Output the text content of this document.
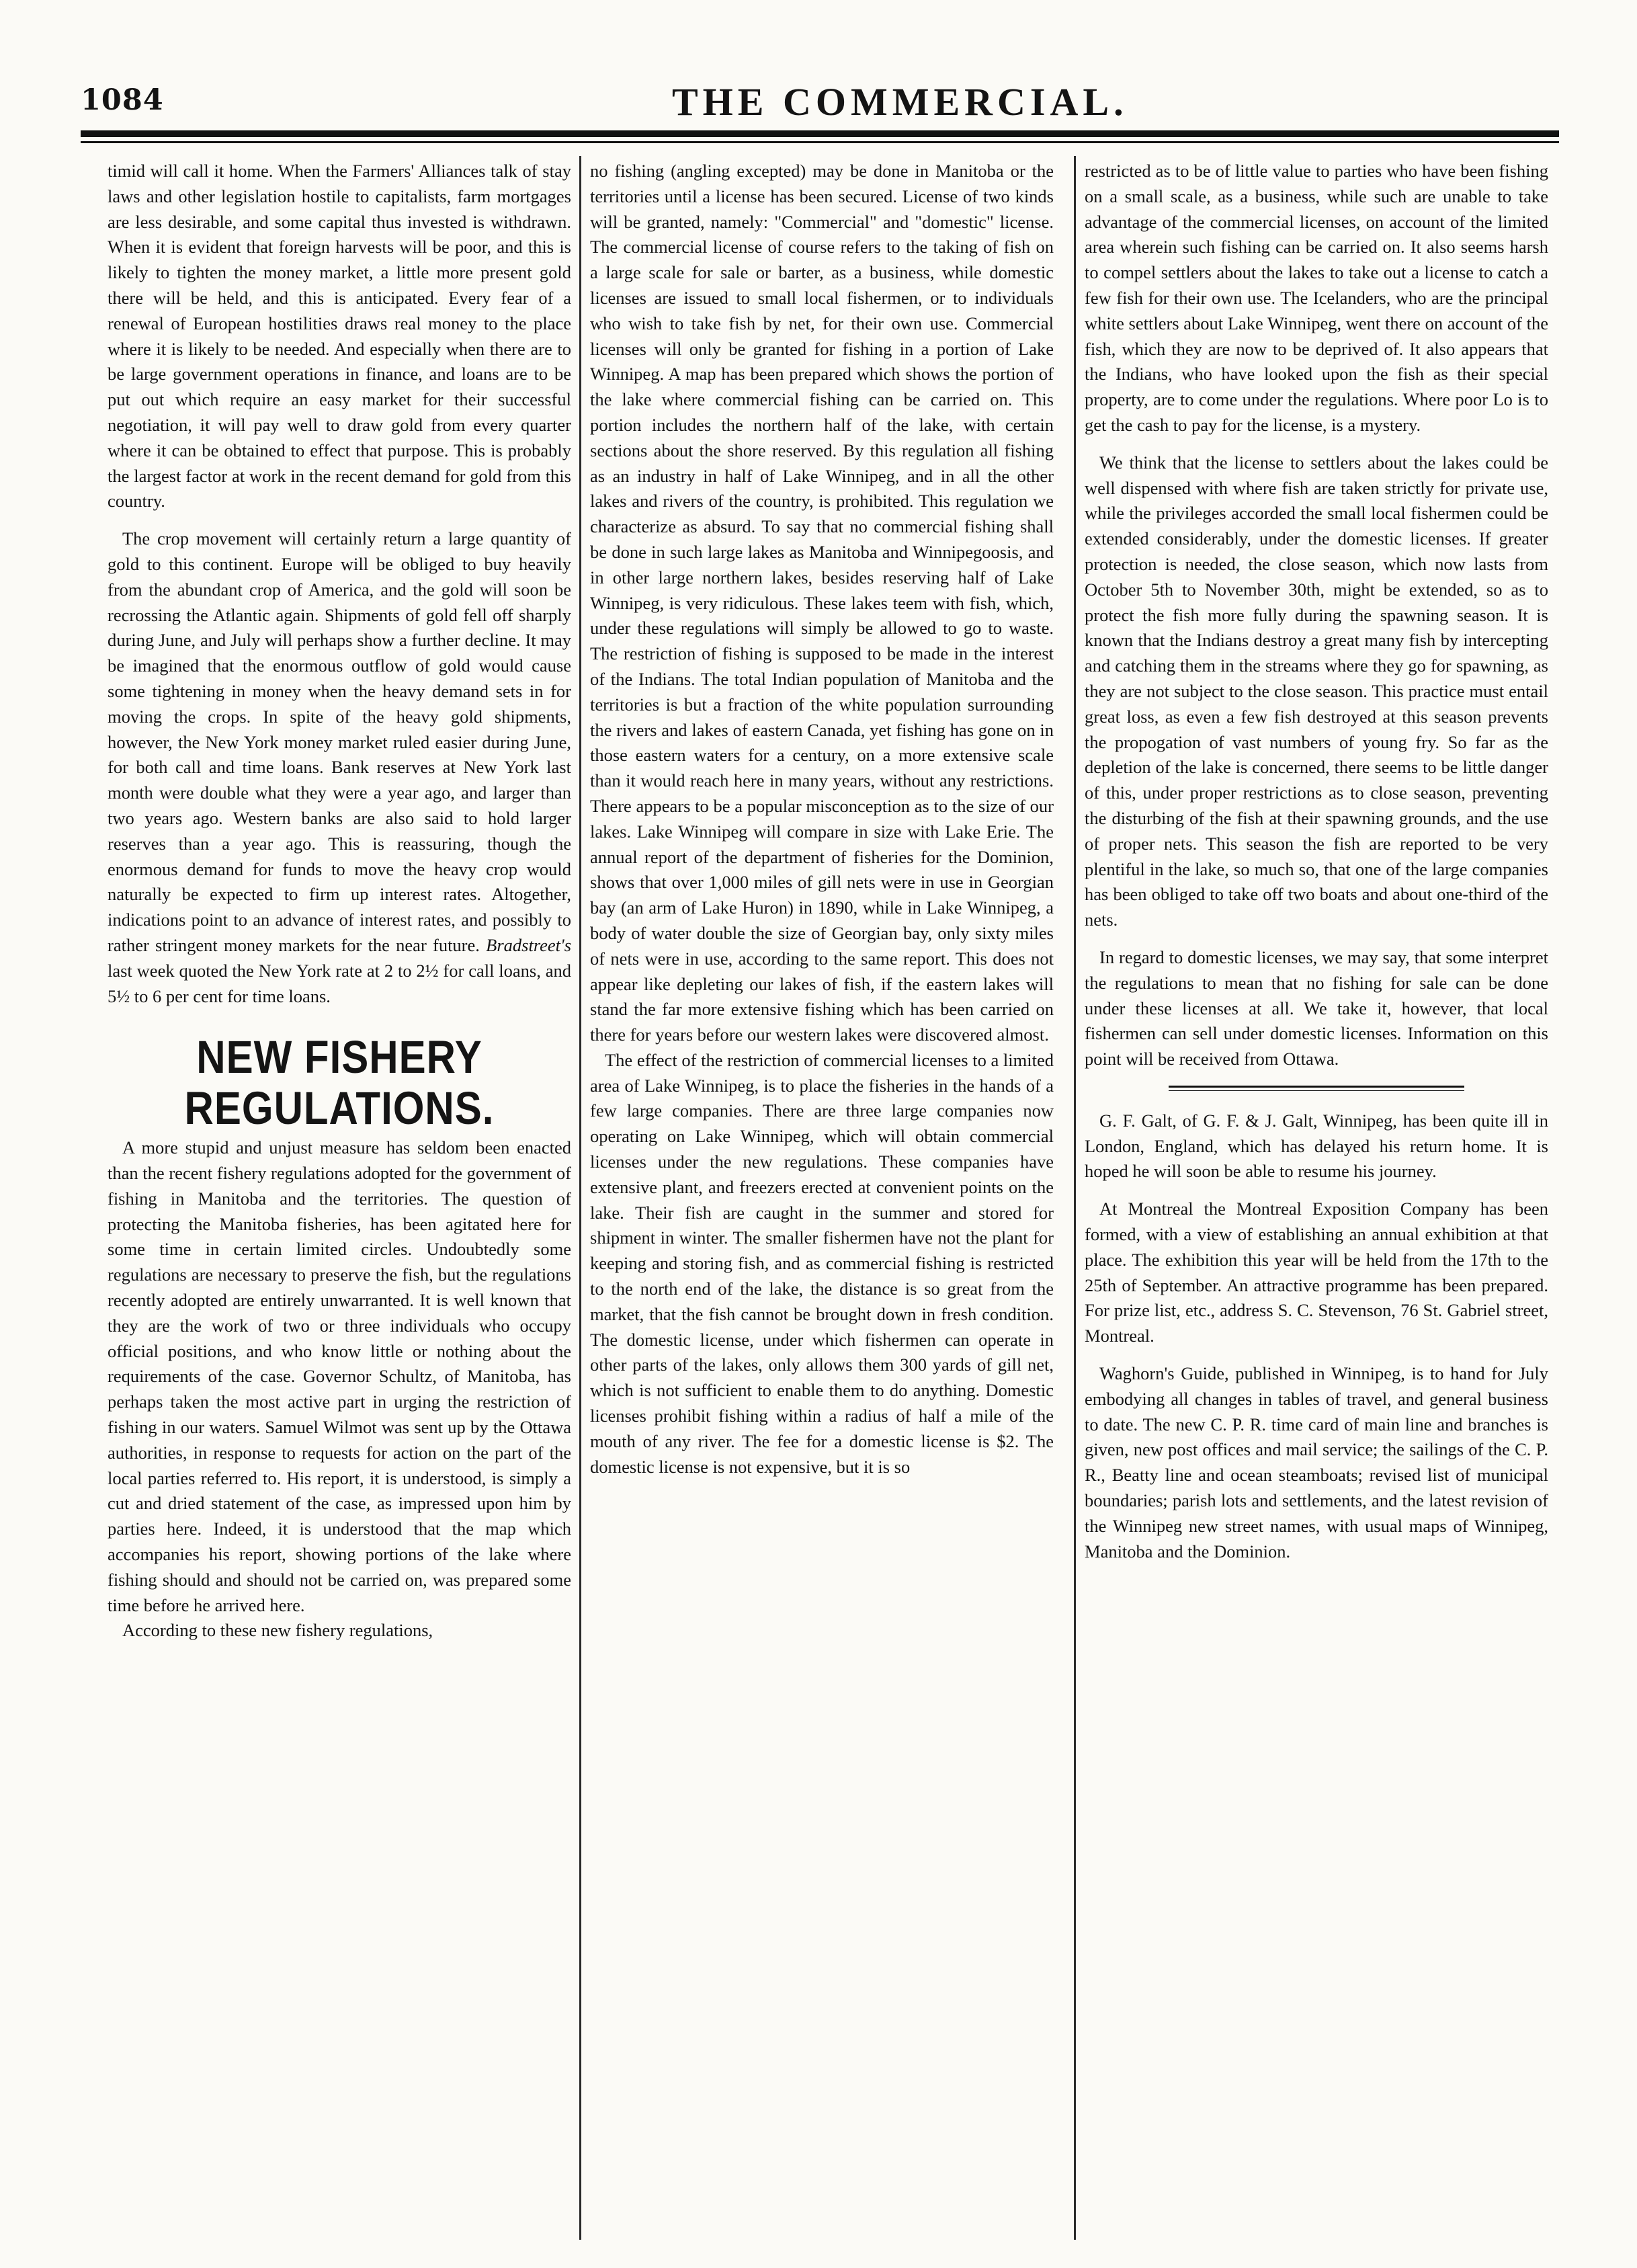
1084	THE COMMERCIAL.

timid will call it home. When the Farmers' Alliances talk of stay laws and other legislation hostile to capitalists, farm mortgages are less desirable, and some capital thus invested is withdrawn. When it is evident that foreign harvests will be poor, and this is likely to tighten the money market, a little more present gold there will be held, and this is anticipated. Every fear of a renewal of European hostilities draws real money to the place where it is likely to be needed. And especially when there are to be large government operations in finance, and loans are to be put out which require an easy market for their successful negotiation, it will pay well to draw gold from every quarter where it can be obtained to effect that purpose. This is probably the largest factor at work in the recent demand for gold from this country.

The crop movement will certainly return a large quantity of gold to this continent. Europe will be obliged to buy heavily from the abundant crop of America, and the gold will soon be recrossing the Atlantic again. Shipments of gold fell off sharply during June, and July will perhaps show a further decline. It may be imagined that the enormous outflow of gold would cause some tightening in money when the heavy demand sets in for moving the crops. In spite of the heavy gold shipments, however, the New York money market ruled easier during June, for both call and time loans. Bank reserves at New York last month were double what they were a year ago, and larger than two years ago. Western banks are also said to hold larger reserves than a year ago. This is reassuring, though the enormous demand for funds to move the heavy crop would naturally be expected to firm up interest rates. Altogether, indications point to an advance of interest rates, and possibly to rather stringent money markets for the near future. Bradstreet's last week quoted the New York rate at 2 to 2½ for call loans, and 5½ to 6 per cent for time loans.

NEW FISHERY REGULATIONS.

A more stupid and unjust measure has seldom been enacted than the recent fishery regulations adopted for the government of fishing in Manitoba and the territories. The question of protecting the Manitoba fisheries, has been agitated here for some time in certain limited circles. Undoubtedly some regulations are necessary to preserve the fish, but the regulations recently adopted are entirely unwarranted. It is well known that they are the work of two or three individuals who occupy official positions, and who know little or nothing about the requirements of the case. Governor Schultz, of Manitoba, has perhaps taken the most active part in urging the restriction of fishing in our waters. Samuel Wilmot was sent up by the Ottawa authorities, in response to requests for action on the part of the local parties referred to. His report, it is understood, is simply a cut and dried statement of the case, as impressed upon him by parties here. Indeed, it is understood that the map which accompanies his report, showing portions of the lake where fishing should and should not be carried on, was prepared some time before he arrived here.

According to these new fishery regulations,

no fishing (angling excepted) may be done in Manitoba or the territories until a license has been secured. License of two kinds will be granted, namely: "Commercial" and "domestic" license. The commercial license of course refers to the taking of fish on a large scale for sale or barter, as a business, while domestic licenses are issued to small local fishermen, or to individuals who wish to take fish by net, for their own use. Commercial licenses will only be granted for fishing in a portion of Lake Winnipeg. A map has been prepared which shows the portion of the lake where commercial fishing can be carried on. This portion includes the northern half of the lake, with certain sections about the shore reserved. By this regulation all fishing as an industry in half of Lake Winnipeg, and in all the other lakes and rivers of the country, is prohibited. This regulation we characterize as absurd. To say that no commercial fishing shall be done in such large lakes as Manitoba and Winnipegoosis, and in other large northern lakes, besides reserving half of Lake Winnipeg, is very ridiculous. These lakes teem with fish, which, under these regulations will simply be allowed to go to waste. The restriction of fishing is supposed to be made in the interest of the Indians. The total Indian population of Manitoba and the territories is but a fraction of the white population surrounding the rivers and lakes of eastern Canada, yet fishing has gone on in those eastern waters for a century, on a more extensive scale than it would reach here in many years, without any restrictions. There appears to be a popular misconception as to the size of our lakes. Lake Winnipeg will compare in size with Lake Erie. The annual report of the department of fisheries for the Dominion, shows that over 1,000 miles of gill nets were in use in Georgian bay (an arm of Lake Huron) in 1890, while in Lake Winnipeg, a body of water double the size of Georgian bay, only sixty miles of nets were in use, according to the same report. This does not appear like depleting our lakes of fish, if the eastern lakes will stand the far more extensive fishing which has been carried on there for years before our western lakes were discovered almost.

The effect of the restriction of commercial licenses to a limited area of Lake Winnipeg, is to place the fisheries in the hands of a few large companies. There are three large companies now operating on Lake Winnipeg, which will obtain commercial licenses under the new regulations. These companies have extensive plant, and freezers erected at convenient points on the lake. Their fish are caught in the summer and stored for shipment in winter. The smaller fishermen have not the plant for keeping and storing fish, and as commercial fishing is restricted to the north end of the lake, the distance is so great from the market, that the fish cannot be brought down in fresh condition. The domestic license, under which fishermen can operate in other parts of the lakes, only allows them 300 yards of gill net, which is not sufficient to enable them to do anything. Domestic licenses prohibit fishing within a radius of half a mile of the mouth of any river. The fee for a domestic license is $2. The domestic license is not expensive, but it is so

restricted as to be of little value to parties who have been fishing on a small scale, as a business, while such are unable to take advantage of the commercial licenses, on account of the limited area wherein such fishing can be carried on. It also seems harsh to compel settlers about the lakes to take out a license to catch a few fish for their own use. The Icelanders, who are the principal white settlers about Lake Winnipeg, went there on account of the fish, which they are now to be deprived of. It also appears that the Indians, who have looked upon the fish as their special property, are to come under the regulations. Where poor Lo is to get the cash to pay for the license, is a mystery.

We think that the license to settlers about the lakes could be well dispensed with where fish are taken strictly for private use, while the privileges accorded the small local fishermen could be extended considerably, under the domestic licenses. If greater protection is needed, the close season, which now lasts from October 5th to November 30th, might be extended, so as to protect the fish more fully during the spawning season. It is known that the Indians destroy a great many fish by intercepting and catching them in the streams where they go for spawning, as they are not subject to the close season. This practice must entail great loss, as even a few fish destroyed at this season prevents the propogation of vast numbers of young fry. So far as the depletion of the lake is concerned, there seems to be little danger of this, under proper restrictions as to close season, preventing the disturbing of the fish at their spawning grounds, and the use of proper nets. This season the fish are reported to be very plentiful in the lake, so much so, that one of the large companies has been obliged to take off two boats and about one-third of the nets.

In regard to domestic licenses, we may say, that some interpret the regulations to mean that no fishing for sale can be done under these licenses at all. We take it, however, that local fishermen can sell under domestic licenses. Information on this point will be received from Ottawa.

G. F. Galt, of G. F. & J. Galt, Winnipeg, has been quite ill in London, England, which has delayed his return home. It is hoped he will soon be able to resume his journey.

At Montreal the Montreal Exposition Company has been formed, with a view of establishing an annual exhibition at that place. The exhibition this year will be held from the 17th to the 25th of September. An attractive programme has been prepared. For prize list, etc., address S. C. Stevenson, 76 St. Gabriel street, Montreal.

Waghorn's Guide, published in Winnipeg, is to hand for July embodying all changes in tables of travel, and general business to date. The new C. P. R. time card of main line and branches is given, new post offices and mail service; the sailings of the C. P. R., Beatty line and ocean steamboats; revised list of municipal boundaries; parish lots and settlements, and the latest revision of the Winnipeg new street names, with usual maps of Winnipeg, Manitoba and the Dominion.
